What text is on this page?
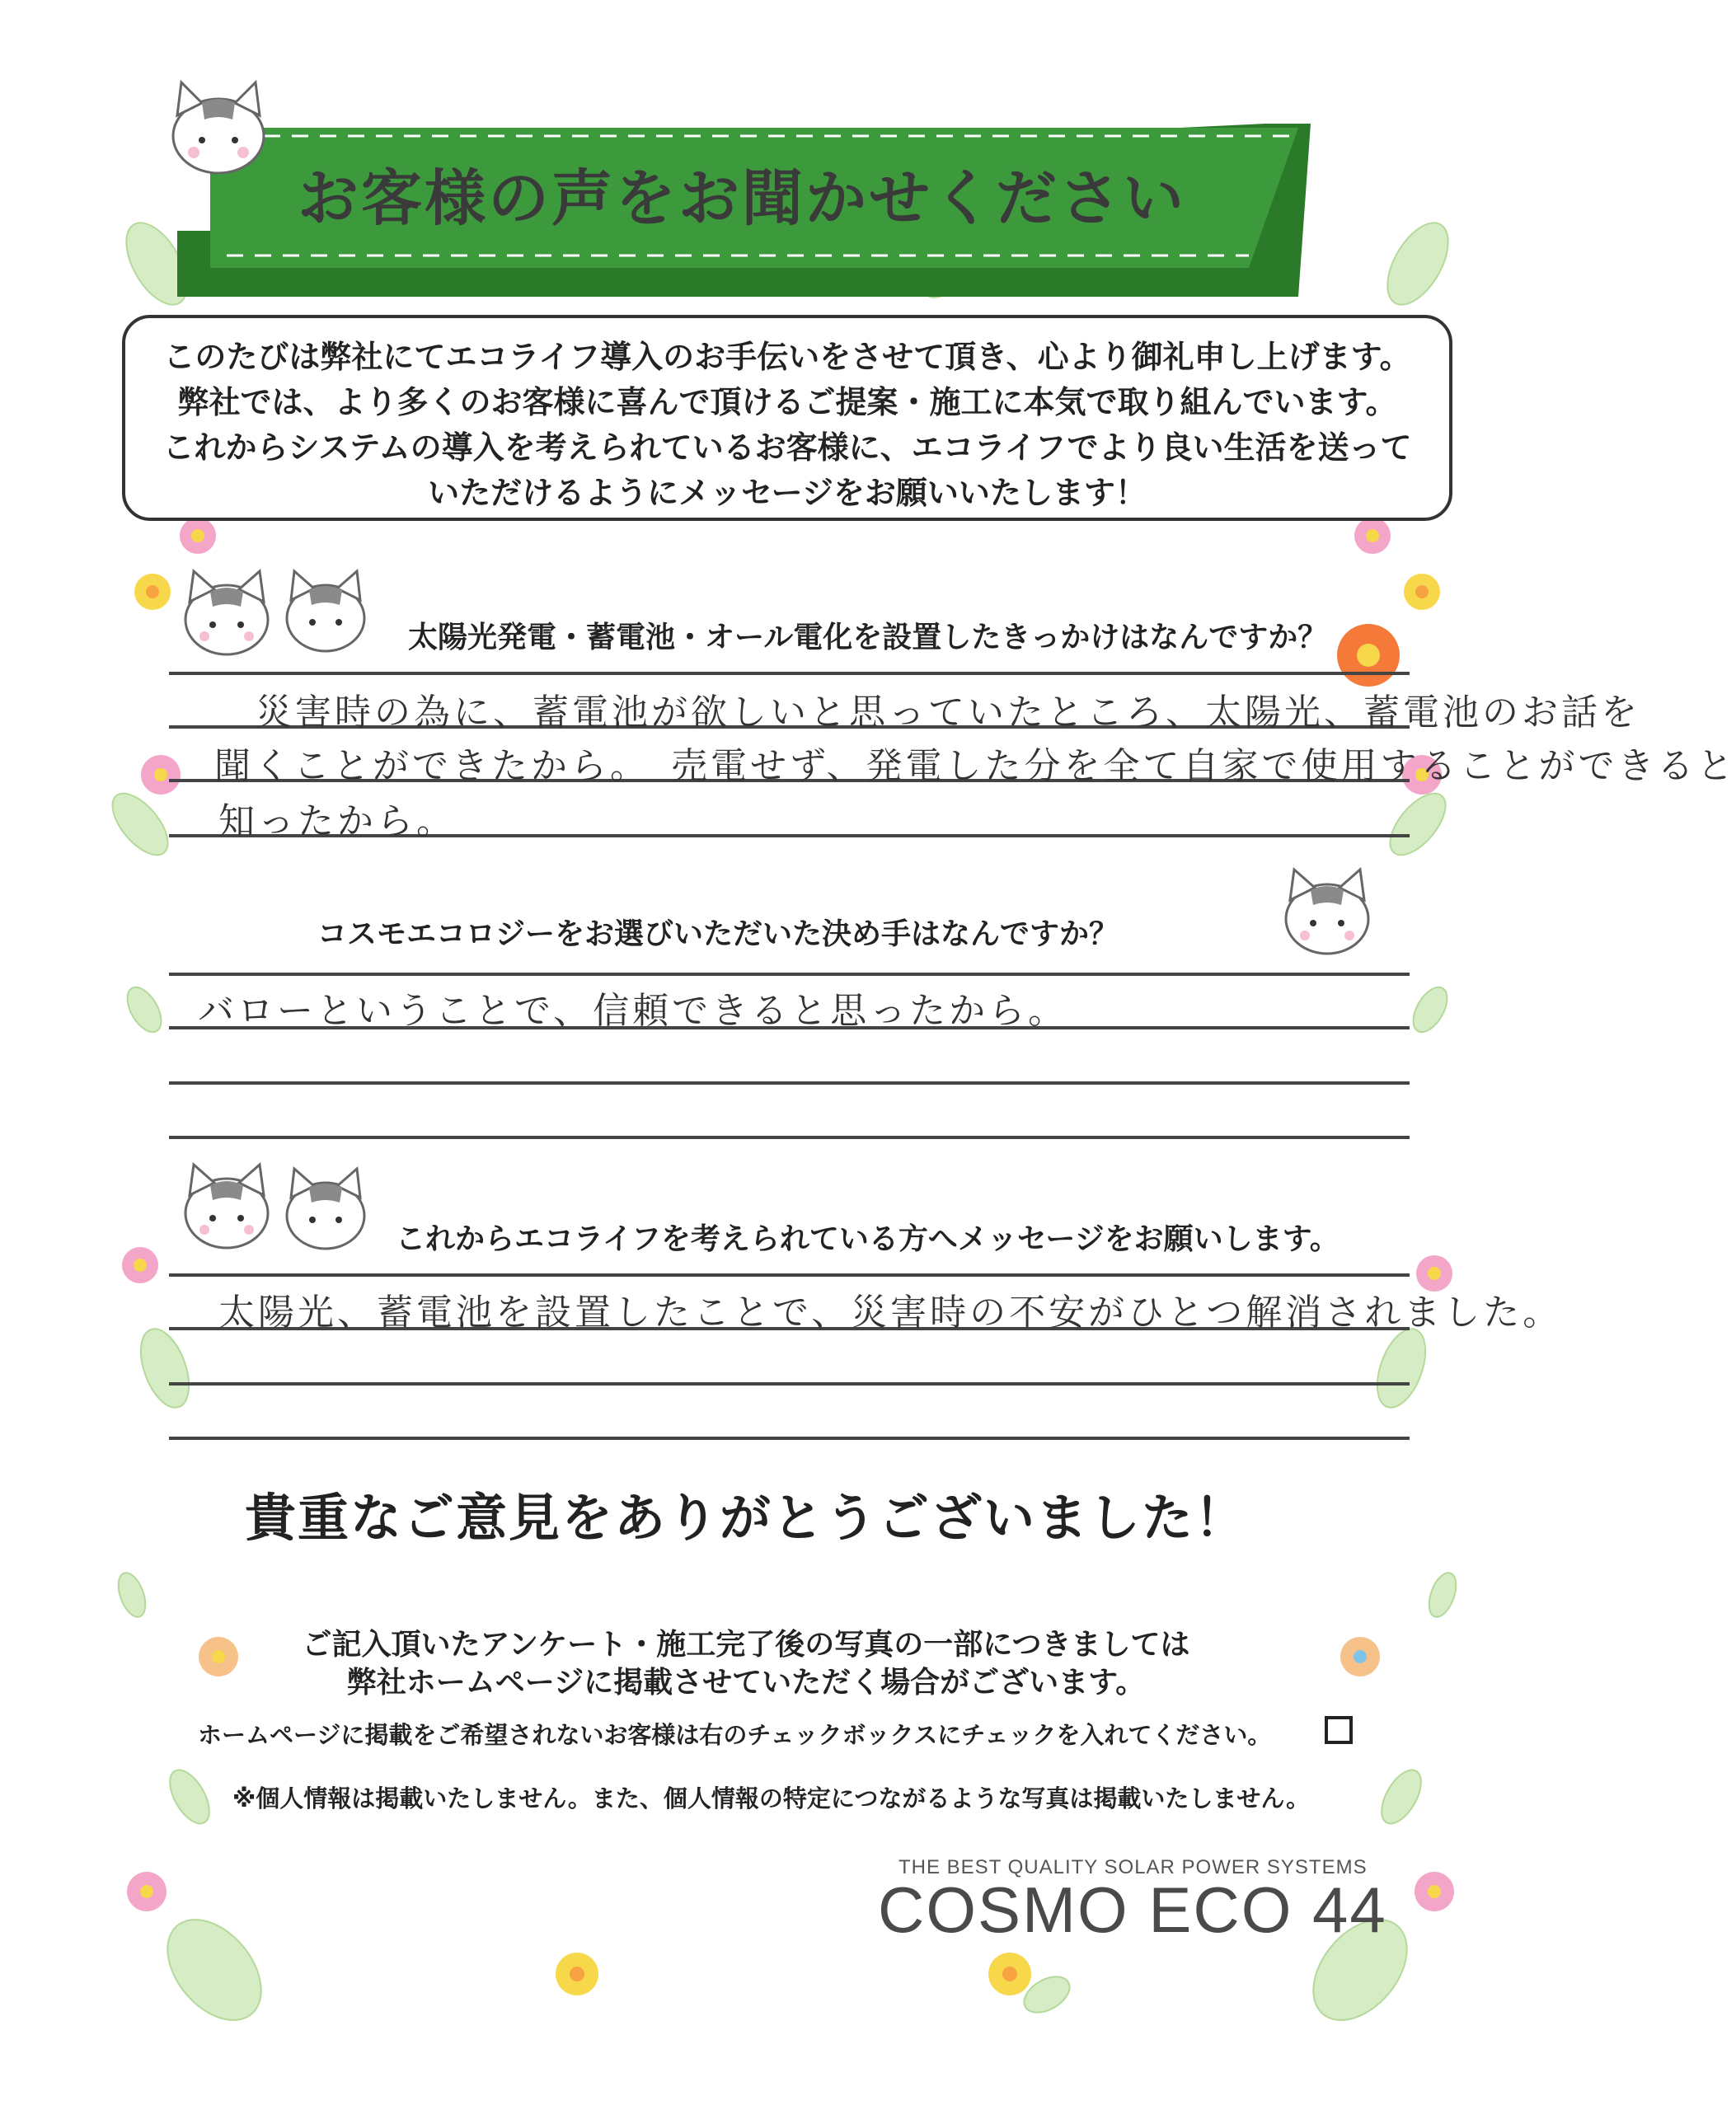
お客様の声をお聞かせください
このたびは弊社にてエコライフ導入のお手伝いをさせて頂き、心より御礼申し上げます。
弊社では、より多くのお客様に喜んで頂けるご提案・施工に本気で取り組んでいます。
これからシステムの導入を考えられているお客様に、エコライフでより良い生活を送って
いただけるようにメッセージをお願いいたします！
太陽光発電・蓄電池・オール電化を設置したきっかけはなんですか？
災害時の為に、蓄電池が欲しいと思っていたところ、太陽光、蓄電池のお話を
聞くことができたから。　売電せず、発電した分を全て自家で使用することができると
知ったから。
コスモエコロジーをお選びいただいた決め手はなんですか？
バローということで、信頼できると思ったから。
これからエコライフを考えられている方へメッセージをお願いします。
太陽光、蓄電池を設置したことで、災害時の不安がひとつ解消されました。
貴重なご意見をありがとうございました！
ご記入頂いたアンケート・施工完了後の写真の一部につきましては
弊社ホームページに掲載させていただく場合がございます。
ホームページに掲載をご希望されないお客様は右のチェックボックスにチェックを入れてください。
※個人情報は掲載いたしません。また、個人情報の特定につながるような写真は掲載いたしません。
THE BEST QUALITY SOLAR POWER SYSTEMS
COSMO ECO 44
